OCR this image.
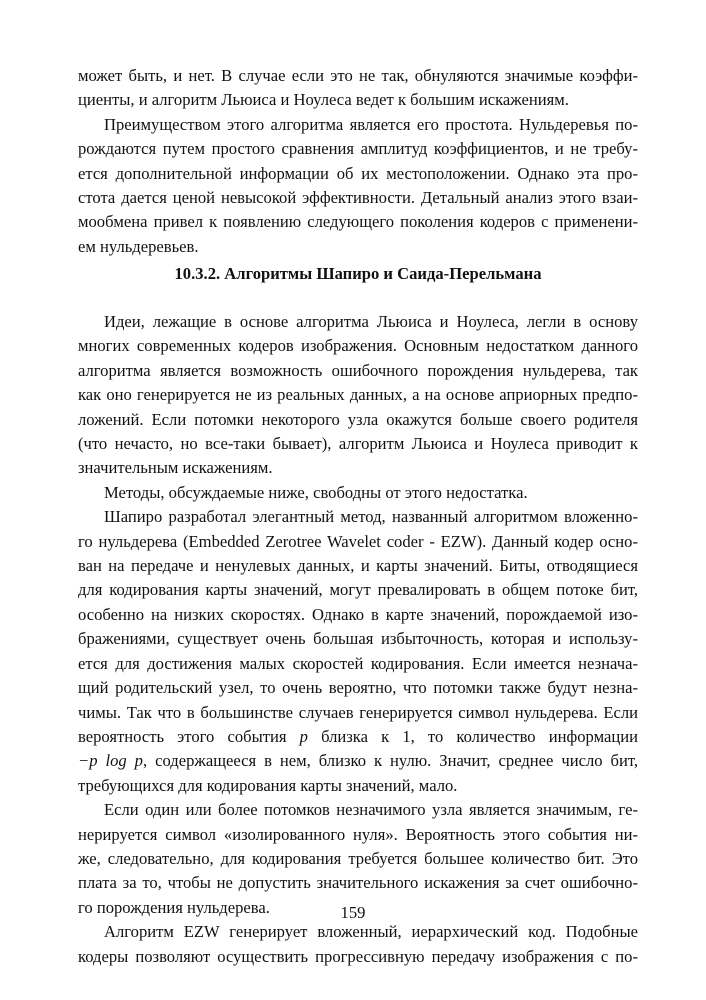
может быть, и нет. В случае если это не так, обнуляются значимые коэффи-
циенты, и алгоритм Льюиса и Ноулеса ведет к большим искажениям.

Преимуществом этого алгоритма является его простота. Нульдеревья по-
рождаются путем простого сравнения амплитуд коэффициентов, и не требу-
ется дополнительной информации об их местоположении. Однако эта про-
стота дается ценой невысокой эффективности. Детальный анализ этого взаи-
мообмена привел к появлению следующего поколения кодеров с применени-
ем нульдеревьев.

10.3.2. Алгоритмы Шапиро и Саида-Перельмана

Идеи, лежащие в основе алгоритма Льюиса и Ноулеса, легли в основу
многих современных кодеров изображения. Основным недостатком данного
алгоритма является возможность ошибочного порождения нульдерева, так
как оно генерируется не из реальных данных, а на основе априорных предпо-
ложений. Если потомки некоторого узла окажутся больше своего родителя
(что нечасто, но все-таки бывает), алгоритм Льюиса и Ноулеса приводит к
значительным искажениям.

Методы, обсуждаемые ниже, свободны от этого недостатка.

Шапиро разработал элегантный метод, названный алгоритмом вложенно-
го нульдерева (Embedded Zerotree Wavelet coder - EZW). Данный кодер осно-
ван на передаче и ненулевых данных, и карты значений. Биты, отводящиеся
для кодирования карты значений, могут превалировать в общем потоке бит,
особенно на низких скоростях. Однако в карте значений, порождаемой изо-
бражениями, существует очень большая избыточность, которая и использу-
ется для достижения малых скоростей кодирования. Если имеется незнача-
щий родительский узел, то очень вероятно, что потомки также будут незна-
чимы. Так что в большинстве случаев генерируется символ нульдерева. Если
вероятность этого события p близка к 1, то количество информации
−p log p, содержащееся в нем, близко к нулю. Значит, среднее число бит,
требующихся для кодирования карты значений, мало.

Если один или более потомков незначимого узла является значимым, ге-
нерируется символ «изолированного нуля». Вероятность этого события ни-
же, следовательно, для кодирования требуется большее количество бит. Это
плата за то, чтобы не допустить значительного искажения за счет ошибочно-
го порождения нульдерева.

Алгоритм EZW генерирует вложенный, иерархический код. Подобные
кодеры позволяют осуществить прогрессивную передачу изображения с по-

159
